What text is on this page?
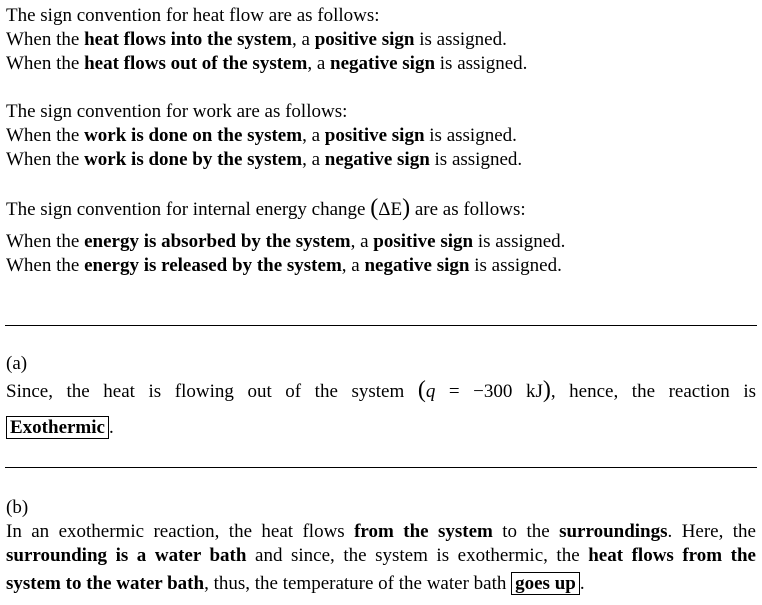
The sign convention for heat flow are as follows:
When the heat flows into the system, a positive sign is assigned.
When the heat flows out of the system, a negative sign is assigned.
The sign convention for work are as follows:
When the work is done on the system, a positive sign is assigned.
When the work is done by the system, a negative sign is assigned.
The sign convention for internal energy change (ΔE) are as follows:
When the energy is absorbed by the system, a positive sign is assigned.
When the energy is released by the system, a negative sign is assigned.
(a)
Since, the heat is flowing out of the system (q = −300 kJ), hence, the reaction is
Exothermic .
(b)
In an exothermic reaction, the heat flows from the system to the surroundings. Here, the
surrounding is a water bath and since, the system is exothermic, the heat flows from the
system to the water bath, thus, the temperature of the water bath goes up .
